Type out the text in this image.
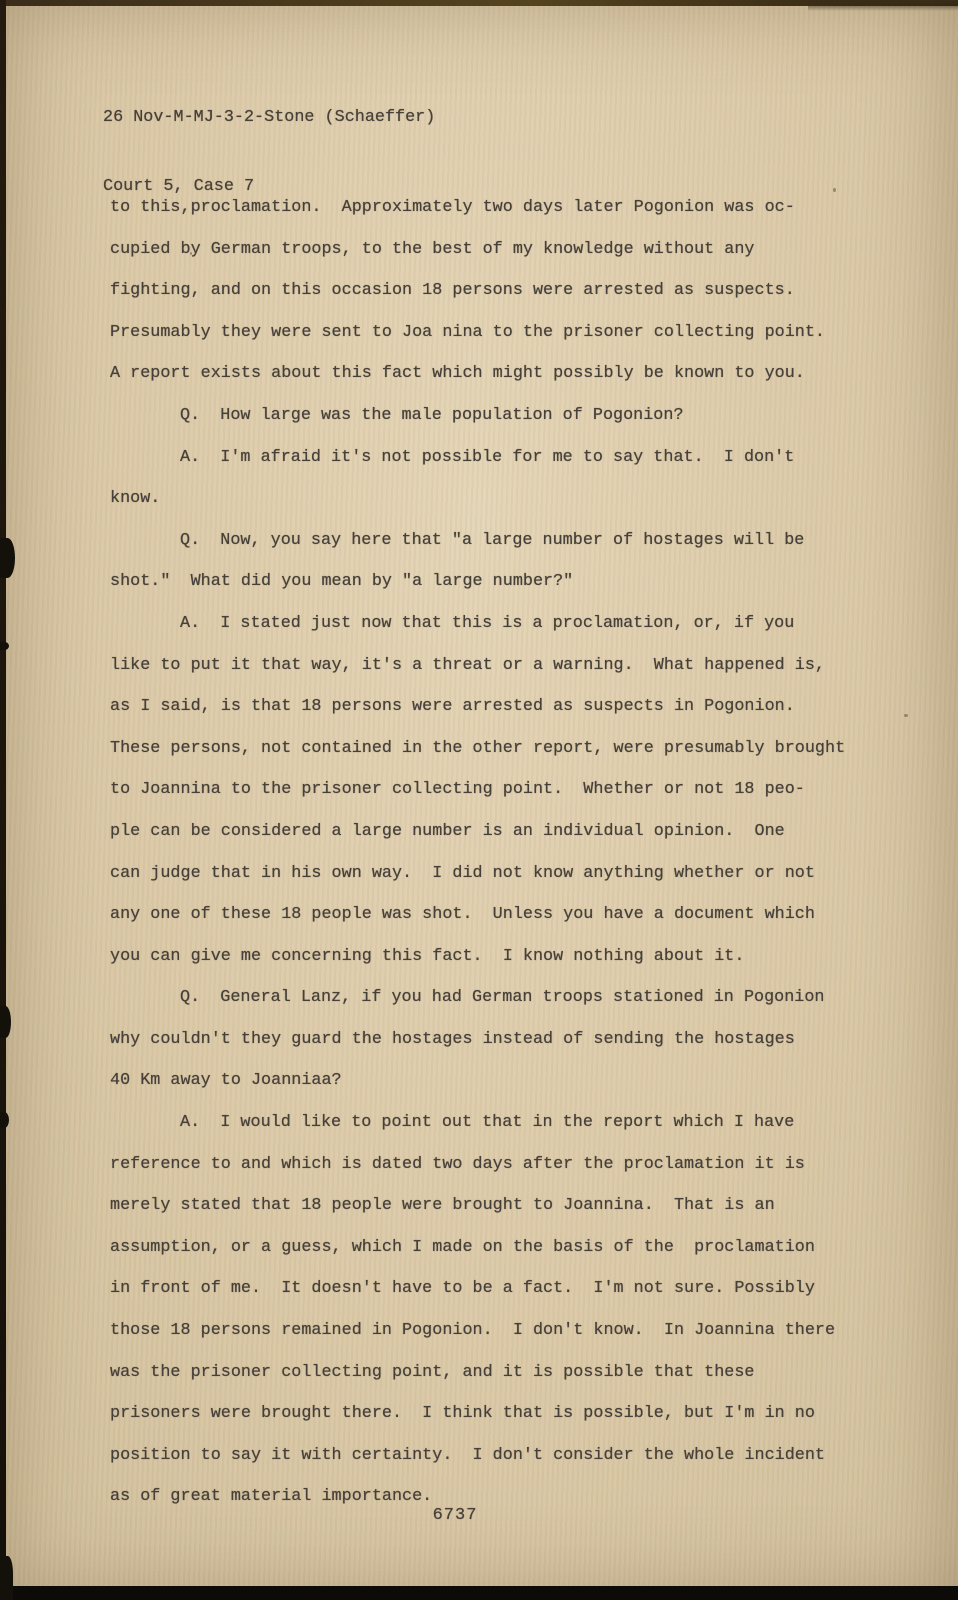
26 Nov-M-MJ-3-2-Stone (Schaeffer)

Court 5, Case 7

to this,proclamation.  Approximately two days later Pogonion was oc-
cupied by German troops, to the best of my knowledge without any
fighting, and on this occasion 18 persons were arrested as suspects.
Presumably they were sent to Joa nina to the prisoner collecting point.
A report exists about this fact which might possibly be known to you.
Q.  How large was the male population of Pogonion?
A.  I'm afraid it's not possible for me to say that.  I don't
know.
Q.  Now, you say here that "a large number of hostages will be
shot."  What did you mean by "a large number?"
A.  I stated just now that this is a proclamation, or, if you
like to put it that way, it's a threat or a warning.  What happened is,
as I said, is that 18 persons were arrested as suspects in Pogonion.
These persons, not contained in the other report, were presumably brought
to Joannina to the prisoner collecting point.  Whether or not 18 peo-
ple can be considered a large number is an individual opinion.  One
can judge that in his own way.  I did not know anything whether or not
any one of these 18 people was shot.  Unless you have a document which
you can give me concerning this fact.  I know nothing about it.
Q.  General Lanz, if you had German troops stationed in Pogonion
why couldn't they guard the hostages instead of sending the hostages
40 Km away to Joanniaa?
A.  I would like to point out that in the report which I have
reference to and which is dated two days after the proclamation it is
merely stated that 18 people were brought to Joannina.  That is an
assumption, or a guess, which I made on the basis of the  proclamation
in front of me.  It doesn't have to be a fact.  I'm not sure. Possibly
those 18 persons remained in Pogonion.  I don't know.  In Joannina there
was the prisoner collecting point, and it is possible that these
prisoners were brought there.  I think that is possible, but I'm in no
position to say it with certainty.  I don't consider the whole incident
as of great material importance.
6737
